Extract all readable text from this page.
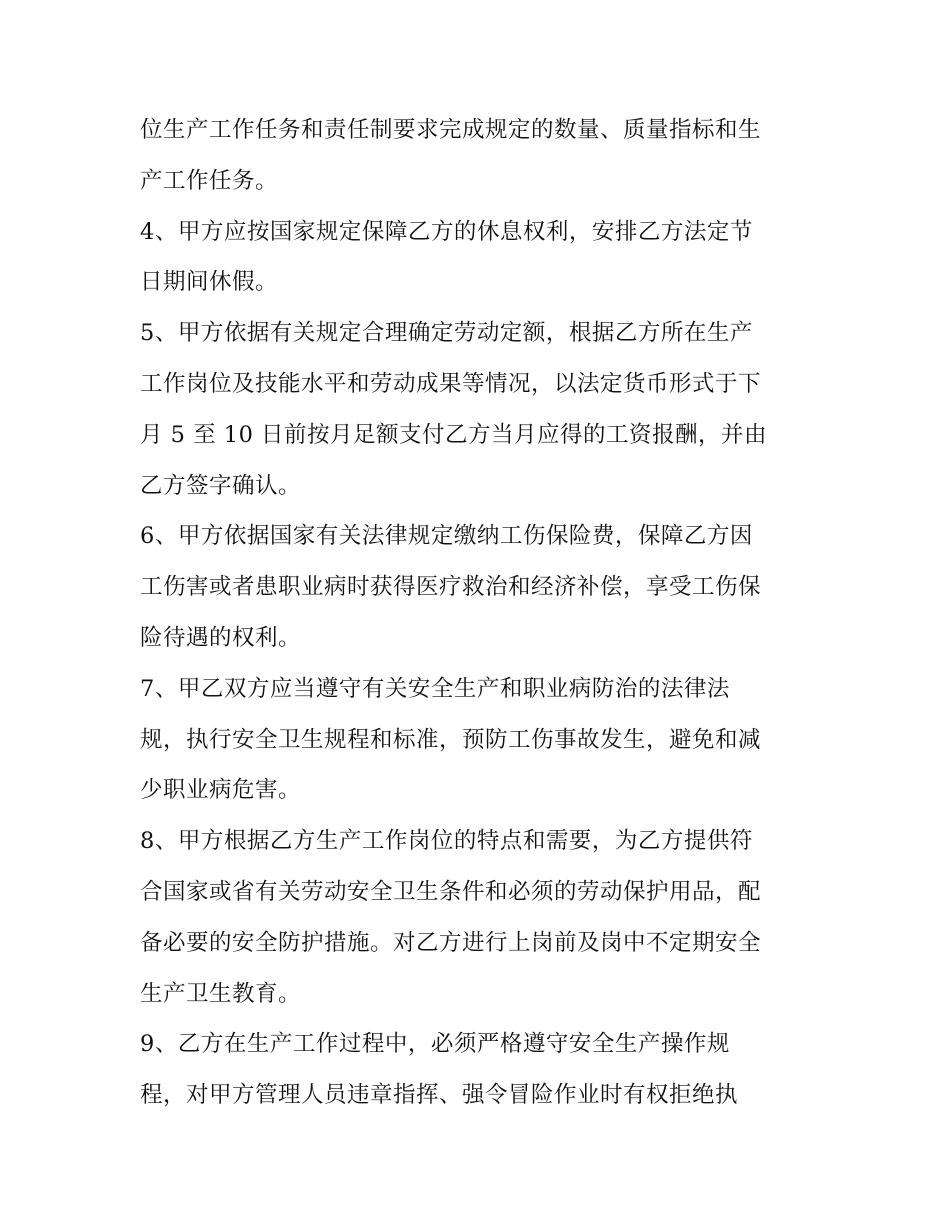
位生产工作任务和责任制要求完成规定的数量、质量指标和生
产工作任务。
4、甲方应按国家规定保障乙方的休息权利，安排乙方法定节
日期间休假。
5、甲方依据有关规定合理确定劳动定额，根据乙方所在生产
工作岗位及技能水平和劳动成果等情况，以法定货币形式于下
月 5 至 10 日前按月足额支付乙方当月应得的工资报酬，并由
乙方签字确认。
6、甲方依据国家有关法律规定缴纳工伤保险费，保障乙方因
工伤害或者患职业病时获得医疗救治和经济补偿，享受工伤保
险待遇的权利。
7、甲乙双方应当遵守有关安全生产和职业病防治的法律法
规，执行安全卫生规程和标准，预防工伤事故发生，避免和减
少职业病危害。
8、甲方根据乙方生产工作岗位的特点和需要，为乙方提供符
合国家或省有关劳动安全卫生条件和必须的劳动保护用品，配
备必要的安全防护措施。对乙方进行上岗前及岗中不定期安全
生产卫生教育。
9、乙方在生产工作过程中，必须严格遵守安全生产操作规
程，对甲方管理人员违章指挥、强令冒险作业时有权拒绝执
